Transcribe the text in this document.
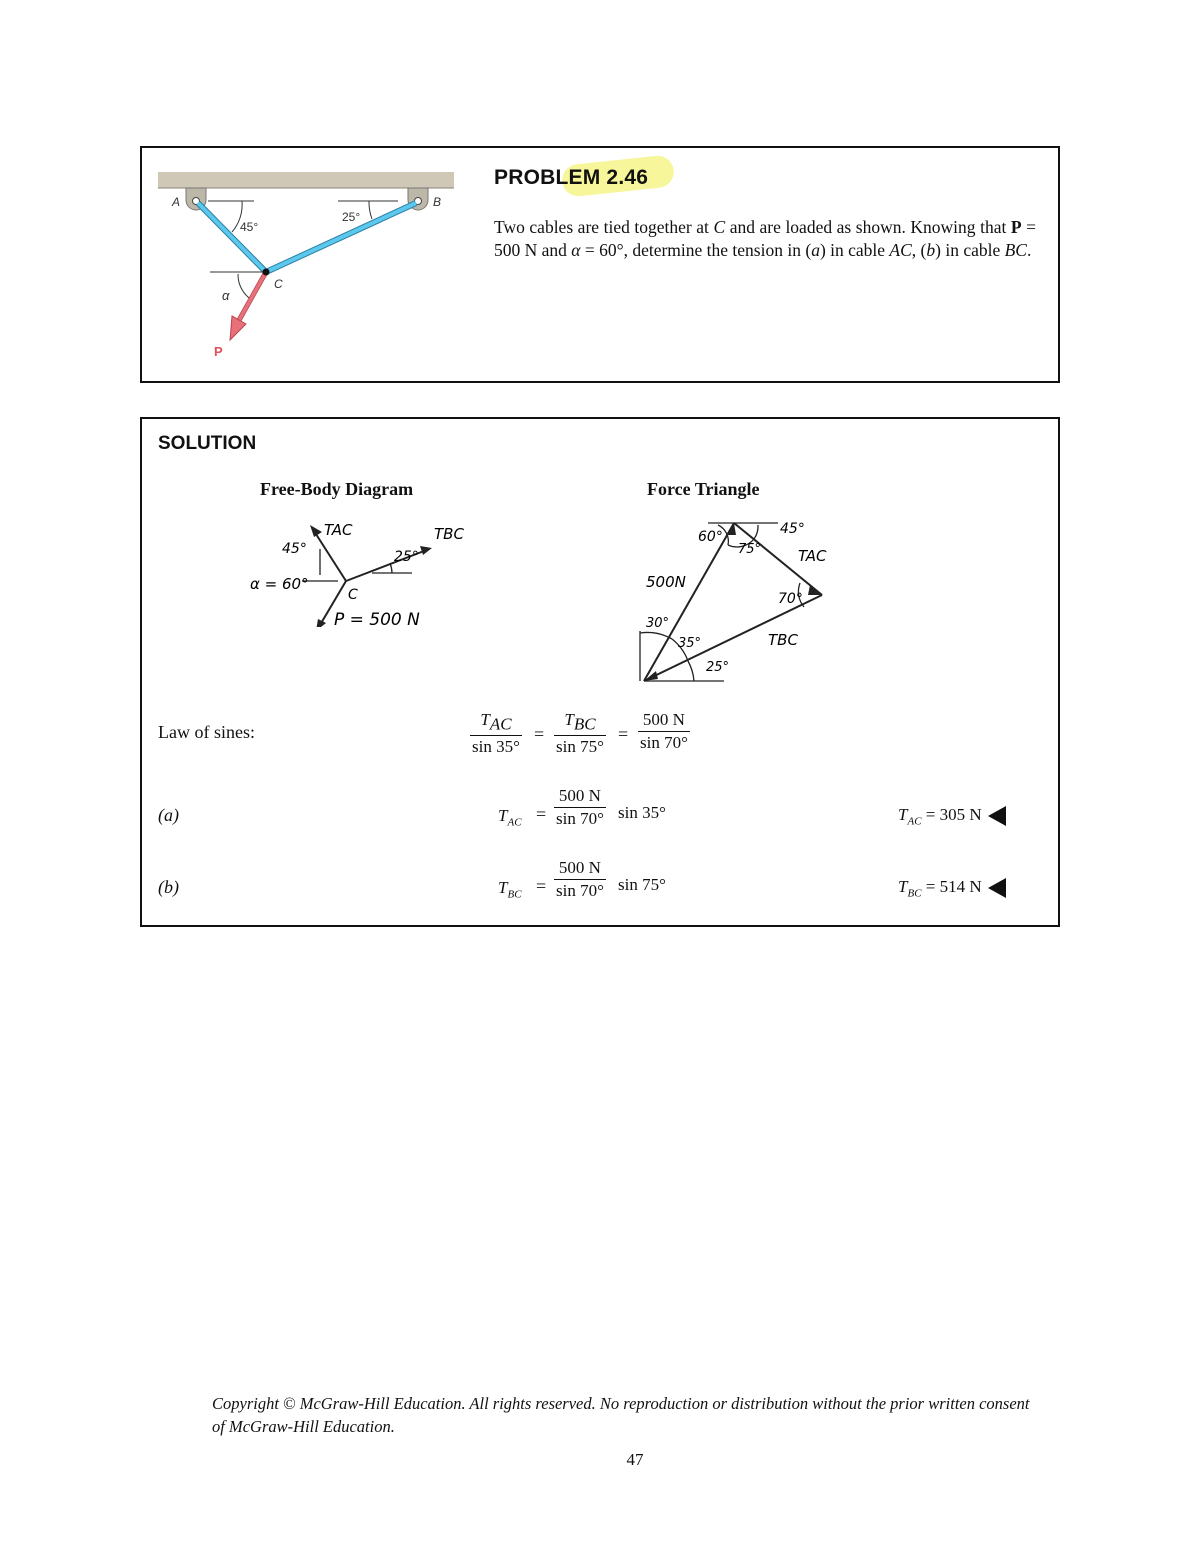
A	B
C
P
α
45°
25°
PROBLEM 2.46
Two cables are tied together at C and are loaded as shown. Knowing that P = 500 N and α = 60°, determine the tension in (a) in cable AC, (b) in cable BC.
SOLUTION
Free-Body Diagram	Force Triangle
TAC	TBC
45°	25°
α = 60°
C
P = 500 N
60°
75°
45°
TAC
500N
70°
30°
35°	TBC
25°
Law of sines:
$T_{AC}$
sin 35°
=
$T_{BC}$
sin 75°
= $\frac{500 N}{\sin 70^\circ}$
(a)	$T_{AC} = \frac{500 N}{\sin 70^\circ}$ sin 35°	$T_{AC} = 305$ N
(b)	$T_{BC} = \frac{500 N}{\sin 70^\circ}$ sin 75°	$T_{BC} = 514$ N
Copyright © McGraw-Hill Education. All rights reserved. No reproduction or distribution without the prior written consent of McGraw-Hill Education.
47
